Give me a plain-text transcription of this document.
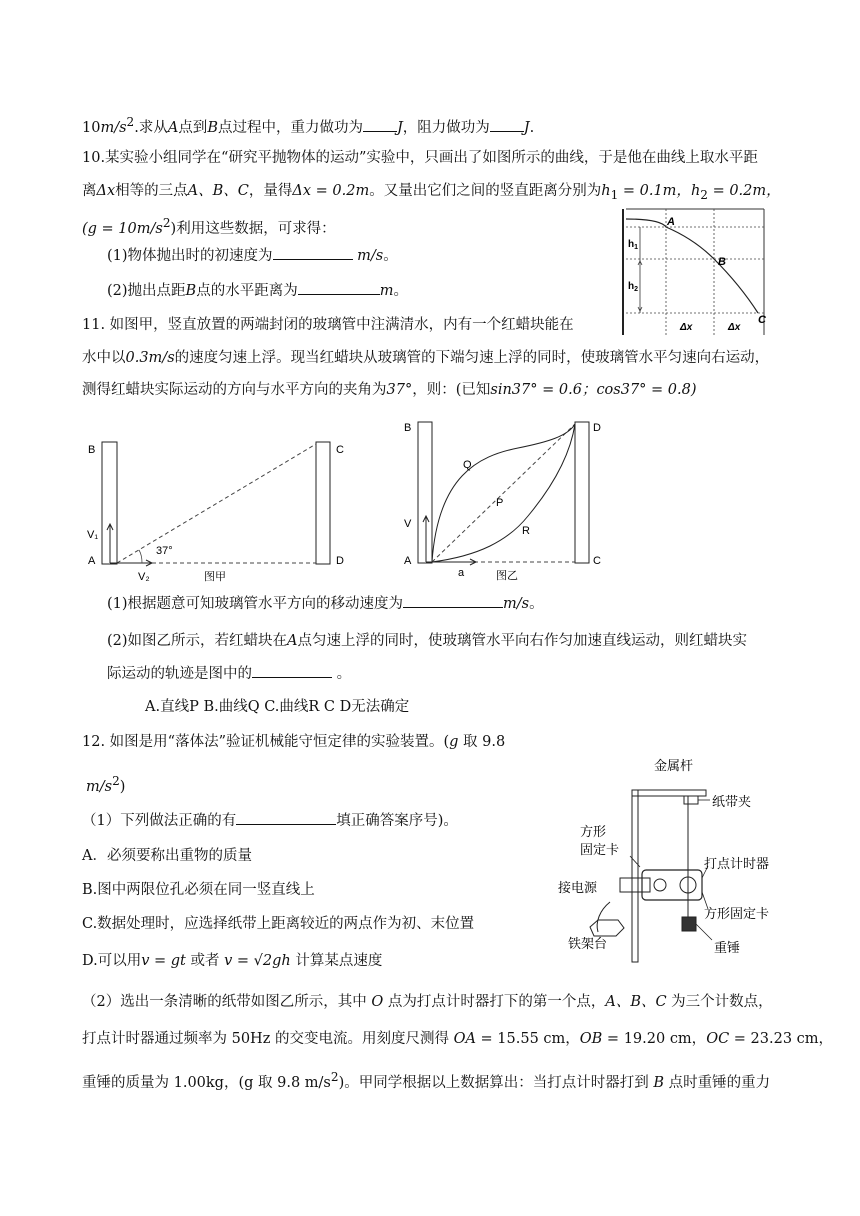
$10m/s^2$.求从A点到B点过程中，重力做功为 J，阻力做功为 J.
10.某实验小组同学在“研究平抛物体的运动”实验中，只画出了如图所示的曲线，于是他在曲线上取水平距
离Δx相等的三点A、B、C，量得Δx = 0.2m。又量出它们之间的竖直距离分别为$h_1 = 0.1m$，$h_2 = 0.2m$，
$(g = 10m/s^2)$利用这些数据，可求得：
(1)物体抛出时的初速度为	m/s。
(2)抛出点距B点的水平距离为	m。
A
B
C
$h_1$
$h_2$
Δx	Δx
11. 如图甲，竖直放置的两端封闭的玻璃管中注满清水，内有一个红蜡块能在
水中以0.3m/s的速度匀速上浮。现当红蜡块从玻璃管的下端匀速上浮的同时，使玻璃管水平匀速向右运动，
测得红蜡块实际运动的方向与水平方向的夹角为37°，则：(已知sin37° = 0.6；cos37° = 0.8)
B	C
A	D
V₁
V₂
37°
图甲
B	D
A	C
V
a
Q
P
R
图乙
(1)根据题意可知玻璃管水平方向的移动速度为	m/s。
(2)如图乙所示，若红蜡块在A点匀速上浮的同时，使玻璃管水平向右作匀加速直线运动，则红蜡块实
际运动的轨迹是图中的	。
A.直线P B.曲线Q C.曲线R C D无法确定
12. 如图是用“落体法”验证机械能守恒定律的实验装置。(g 取 9.8
$m/s^2$)
（1）下列做法正确的有	填正确答案序号)。
A．必须要称出重物的质量
B.图中两限位孔必须在同一竖直线上
C.数据处理时，应选择纸带上距离较近的两点作为初、末位置
D.可以用v = gt 或者 v = √2gh 计算某点速度
金属杆
纸带夹
方形
固定卡
打点计时器
接电源
方形固定卡
铁架台	重锤
（2）选出一条清晰的纸带如图乙所示，其中 O 点为打点计时器打下的第一个点，A、B、C 为三个计数点，
打点计时器通过频率为 50Hz 的交变电流。用刻度尺测得 OA = 15.55 cm，OB = 19.20 cm，OC = 23.23 cm，
重锤的质量为 1.00kg，(g 取 9.8 $m/s^2$)。甲同学根据以上数据算出：当打点计时器打到 B 点时重锤的重力
